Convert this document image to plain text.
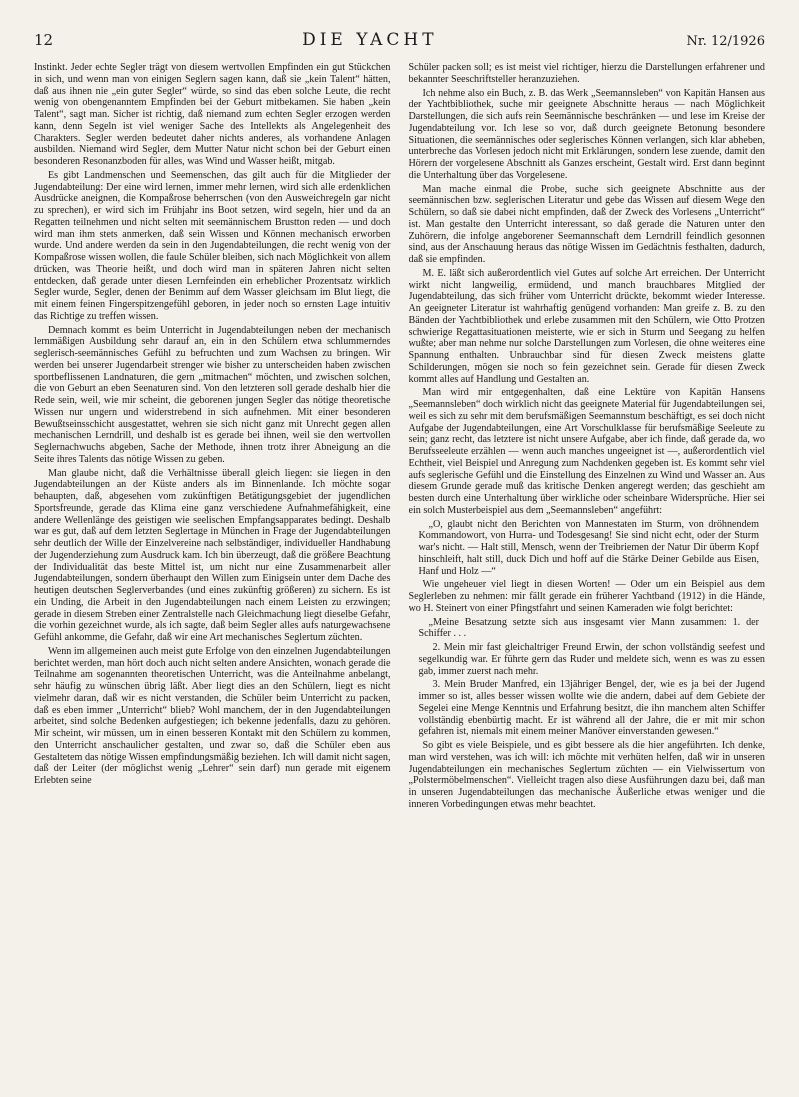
12	DIE YACHT	Nr. 12/1926

Instinkt. Jeder echte Segler trägt von diesem wertvollen Empfinden ein gut Stückchen in sich, und wenn man von einigen Seglern sagen kann, daß sie „kein Talent“ hätten, daß aus ihnen nie „ein guter Segler“ würde, so sind das eben solche Leute, die recht wenig von obengenanntem Empfinden bei der Geburt mitbekamen. Sie haben „kein Talent“, sagt man. Sicher ist richtig, daß niemand zum echten Segler erzogen werden kann, denn Segeln ist viel weniger Sache des Intellekts als Angelegenheit des Charakters. Segler werden bedeutet daher nichts anderes, als vorhandene Anlagen ausbilden. Niemand wird Segler, dem Mutter Natur nicht schon bei der Geburt einen besonderen Resonanzboden für alles, was Wind und Wasser heißt, mitgab.

Es gibt Landmenschen und Seemenschen, das gilt auch für die Mitglieder der Jugendabteilung: Der eine wird lernen, immer mehr lernen, wird sich alle erdenklichen Ausdrücke aneignen, die Kompaßrose beherrschen (von den Ausweichregeln gar nicht zu sprechen), er wird sich im Frühjahr ins Boot setzen, wird segeln, hier und da an Regatten teilnehmen und nicht selten mit seemännischem Brustton reden — und doch wird man ihm stets anmerken, daß sein Wissen und Können mechanisch erworben wurde. Und andere werden da sein in den Jugendabteilungen, die recht wenig von der Kompaßrose wissen wollen, die faule Schüler bleiben, sich nach Möglichkeit von allem drücken, was Theorie heißt, und doch wird man in späteren Jahren nicht selten entdecken, daß gerade unter diesen Lernfeinden ein erheblicher Prozentsatz wirklich Segler wurde, Segler, denen der Benimm auf dem Wasser gleichsam im Blut liegt, die mit einem feinen Fingerspitzengefühl geboren, in jeder noch so ernsten Lage intuitiv das Richtige zu treffen wissen.

Demnach kommt es beim Unterricht in Jugendabteilungen neben der mechanisch lernmäßigen Ausbildung sehr darauf an, ein in den Schülern etwa schlummerndes seglerisch-seemännisches Gefühl zu befruchten und zum Wachsen zu bringen. Wir werden bei unserer Jugendarbeit strenger wie bisher zu unterscheiden haben zwischen sportbeflissenen Landnaturen, die gern „mitmachen“ möchten, und zwischen solchen, die von Geburt an eben Seenaturen sind. Von den letzteren soll gerade deshalb hier die Rede sein, weil, wie mir scheint, die geborenen jungen Segler das nötige theoretische Wissen nur ungern und widerstrebend in sich aufnehmen. Mit einer besonderen Bewußtseinsschicht ausgestattet, wehren sie sich nicht ganz mit Unrecht gegen allen mechanischen Lerndrill, und deshalb ist es gerade bei ihnen, weil sie den wertvollen Seglernachwuchs abgeben, Sache der Methode, ihnen trotz ihrer Abneigung an die Seite ihres Talents das nötige Wissen zu geben.

Man glaube nicht, daß die Verhältnisse überall gleich liegen: sie liegen in den Jugendabteilungen an der Küste anders als im Binnenlande. Ich möchte sogar behaupten, daß, abgesehen vom zukünftigen Betätigungsgebiet der jugendlichen Sportsfreunde, gerade das Klima eine ganz verschiedene Aufnahmefähigkeit, eine andere Wellenlänge des geistigen wie seelischen Empfangsapparates bedingt. Deshalb war es gut, daß auf dem letzten Seglertage in München in Frage der Jugendabteilungen sehr deutlich der Wille der Einzelvereine nach selbständiger, individueller Handhabung der Jugenderziehung zum Ausdruck kam. Ich bin überzeugt, daß die größere Beachtung der Individualität das beste Mittel ist, um nicht nur eine Zusammenarbeit aller Jugendabteilungen, sondern überhaupt den Willen zum Einigsein unter dem Dache des heutigen deutschen Seglerverbandes (und eines zukünftig größeren) zu sichern. Es ist ein Unding, die Arbeit in den Jugendabteilungen nach einem Leisten zu erzwingen; gerade in diesem Streben einer Zentralstelle nach Gleichmachung liegt dieselbe Gefahr, die vorhin gezeichnet wurde, als ich sagte, daß beim Segler alles aufs naturgewachsene Gefühl ankomme, die Gefahr, daß wir eine Art mechanisches Seglertum züchten.

Wenn im allgemeinen auch meist gute Erfolge von den einzelnen Jugendabteilungen berichtet werden, man hört doch auch nicht selten andere Ansichten, wonach gerade die Teilnahme am sogenannten theoretischen Unterricht, was die Anteilnahme anbelangt, sehr häufig zu wünschen übrig läßt. Aber liegt dies an den Schülern, liegt es nicht vielmehr daran, daß wir es nicht verstanden, die Schüler beim Unterricht zu packen, daß es eben immer „Unterricht“ blieb? Wohl manchem, der in den Jugendabteilungen arbeitet, sind solche Bedenken aufgestiegen; ich bekenne jedenfalls, dazu zu gehören. Mir scheint, wir müssen, um in einen besseren Kontakt mit den Schülern zu kommen, den Unterricht anschaulicher gestalten, und zwar so, daß die Schüler eben aus Gestaltetem das nötige Wissen empfindungsmäßig beziehen. Ich will damit nicht sagen, daß der Leiter (der möglichst wenig „Lehrer“ sein darf) nun gerade mit eigenem Erlebten seine

Schüler packen soll; es ist meist viel richtiger, hierzu die Darstellungen erfahrener und bekannter Seeschriftsteller heranzuziehen.

Ich nehme also ein Buch, z. B. das Werk „Seemannsleben“ von Kapitän Hansen aus der Yachtbibliothek, suche mir geeignete Abschnitte heraus — nach Möglichkeit Darstellungen, die sich aufs rein Seemännische beschränken — und lese im Kreise der Jugendabteilung vor. Ich lese so vor, daß durch geeignete Betonung besondere Situationen, die seemännisches oder seglerisches Können verlangen, sich klar abheben, unterbreche das Vorlesen jedoch nicht mit Erklärungen, sondern lese zuende, damit den Hörern der vorgelesene Abschnitt als Ganzes erscheint, Gestalt wird. Erst dann beginnt die Unterhaltung über das Vorgelesene.

Man mache einmal die Probe, suche sich geeignete Abschnitte aus der seemännischen bzw. seglerischen Literatur und gebe das Wissen auf diesem Wege den Schülern, so daß sie dabei nicht empfinden, daß der Zweck des Vorlesens „Unterricht“ ist. Man gestalte den Unterricht interessant, so daß gerade die Naturen unter den Zuhörern, die infolge angeborener Seemannschaft dem Lerndrill feindlich gesonnen sind, aus der Anschauung heraus das nötige Wissen im Gedächtnis festhalten, dadurch, daß sie empfinden.

M. E. läßt sich außerordentlich viel Gutes auf solche Art erreichen. Der Unterricht wirkt nicht langweilig, ermüdend, und manch brauchbares Mitglied der Jugendabteilung, das sich früher vom Unterricht drückte, bekommt wieder Interesse. An geeigneter Literatur ist wahrhaftig genügend vorhanden: Man greife z. B. zu den Bänden der Yachtbibliothek und erlebe zusammen mit den Schülern, wie Otto Protzen schwierige Regattasituationen meisterte, wie er sich in Sturm und Seegang zu helfen wußte; aber man nehme nur solche Darstellungen zum Vorlesen, die ohne weiteres eine Spannung enthalten. Unbrauchbar sind für diesen Zweck meistens glatte Schilderungen, mögen sie noch so fein gezeichnet sein. Gerade für diesen Zweck kommt alles auf Handlung und Gestalten an.

Man wird mir entgegenhalten, daß eine Lektüre von Kapitän Hansens „Seemannsleben“ doch wirklich nicht das geeignete Material für Jugendabteilungen sei, weil es sich zu sehr mit dem berufsmäßigen Seemannstum beschäftigt, es sei doch nicht Aufgabe der Jugendabteilungen, eine Art Vorschulklasse für berufsmäßige Seeleute zu sein; ganz recht, das letztere ist nicht unsere Aufgabe, aber ich finde, daß gerade da, wo Berufsseeleute erzählen — wenn auch manches ungeeignet ist —, außerordentlich viel Echtheit, viel Beispiel und Anregung zum Nachdenken gegeben ist. Es kommt sehr viel aufs seglerische Gefühl und die Einstellung des Einzelnen zu Wind und Wasser an. Aus diesem Grunde gerade muß das kritische Denken angeregt werden; das geschieht am besten durch eine Unterhaltung über wirkliche oder scheinbare Widersprüche. Hier sei ein solch Musterbeispiel aus dem „Seemannsleben“ angeführt:

„O, glaubt nicht den Berichten von Mannestaten im Sturm, von dröhnendem Kommandowort, von Hurra- und Todesgesang! Sie sind nicht echt, oder der Sturm war's nicht. — Halt still, Mensch, wenn der Treibriemen der Natur Dir überm Kopf hinschleift, halt still, duck Dich und hoff auf die Stärke Deiner Gebilde aus Eisen, Hanf und Holz —“

Wie ungeheuer viel liegt in diesen Worten! — Oder um ein Beispiel aus dem Seglerleben zu nehmen: mir fällt gerade ein früherer Yachtband (1912) in die Hände, wo H. Steinert von einer Pfingstfahrt und seinen Kameraden wie folgt berichtet:

„Meine Besatzung setzte sich aus insgesamt vier Mann zusammen: 1. der Schiffer . . .

2. Mein mir fast gleichaltriger Freund Erwin, der schon vollständig seefest und segelkundig war. Er führte gern das Ruder und meldete sich, wenn es was zu essen gab, immer zuerst nach mehr.

3. Mein Bruder Manfred, ein 13jähriger Bengel, der, wie es ja bei der Jugend immer so ist, alles besser wissen wollte wie die andern, dabei auf dem Gebiete der Segelei eine Menge Kenntnis und Erfahrung besitzt, die ihn manchem alten Schiffer vollständig ebenbürtig macht. Er ist während all der Jahre, die er mit mir schon gefahren ist, niemals mit einem meiner Manöver einverstanden gewesen.“

So gibt es viele Beispiele, und es gibt bessere als die hier angeführten. Ich denke, man wird verstehen, was ich will: ich möchte mit verhüten helfen, daß wir in unseren Jugendabteilungen ein mechanisches Seglertum züchten — ein Vielwissertum von „Polstermöbelmenschen“. Vielleicht tragen also diese Ausführungen dazu bei, daß man in unseren Jugendabteilungen das mechanische Äußerliche etwas weniger und die inneren Vorbedingungen etwas mehr beachtet.
